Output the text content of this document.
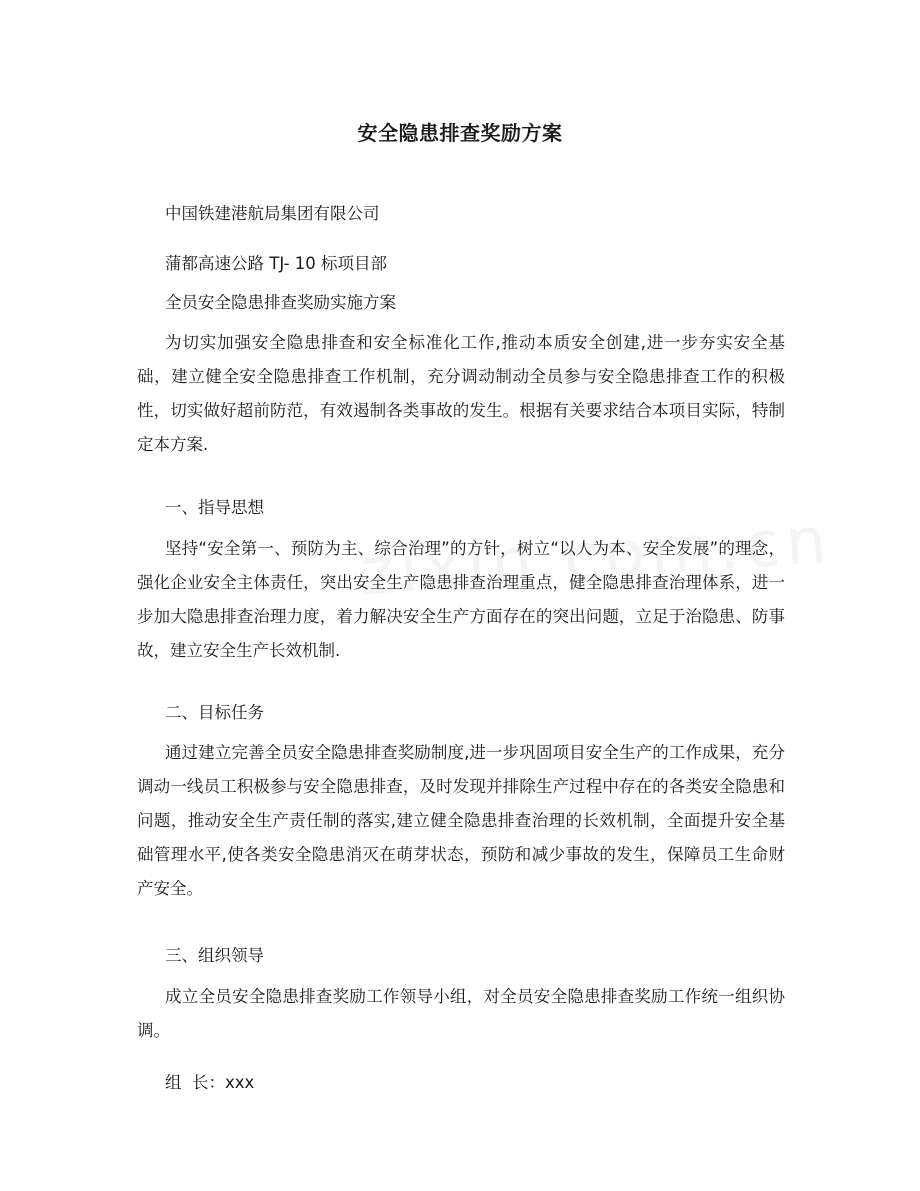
安全隐患排查奖励方案
中国铁建港航局集团有限公司
蒲都高速公路 TJ- 10 标项目部
全员安全隐患排查奖励实施方案
为切实加强安全隐患排查和安全标准化工作,推动本质安全创建,进一步夯实安全基础，建立健全安全隐患排查工作机制，充分调动制动全员参与安全隐患排查工作的积极性，切实做好超前防范，有效遏制各类事故的发生。根据有关要求结合本项目实际，特制定本方案.
一、指导思想
坚持“安全第一、预防为主、综合治理”的方针，树立“以人为本、安全发展”的理念，强化企业安全主体责任，突出安全生产隐患排查治理重点，健全隐患排查治理体系，进一步加大隐患排查治理力度，着力解决安全生产方面存在的突出问题，立足于治隐患、防事故，建立安全生产长效机制.
二、目标任务
通过建立完善全员安全隐患排查奖励制度,进一步巩固项目安全生产的工作成果，充分调动一线员工积极参与安全隐患排查，及时发现并排除生产过程中存在的各类安全隐患和问题，推动安全生产责任制的落实,建立健全隐患排查治理的长效机制，全面提升安全基础管理水平,使各类安全隐患消灭在萌芽状态，预防和减少事故的发生，保障员工生命财产安全。
三、组织领导
成立全员安全隐患排查奖励工作领导小组，对全员安全隐患排查奖励工作统一组织协调。
组  长：xxx
